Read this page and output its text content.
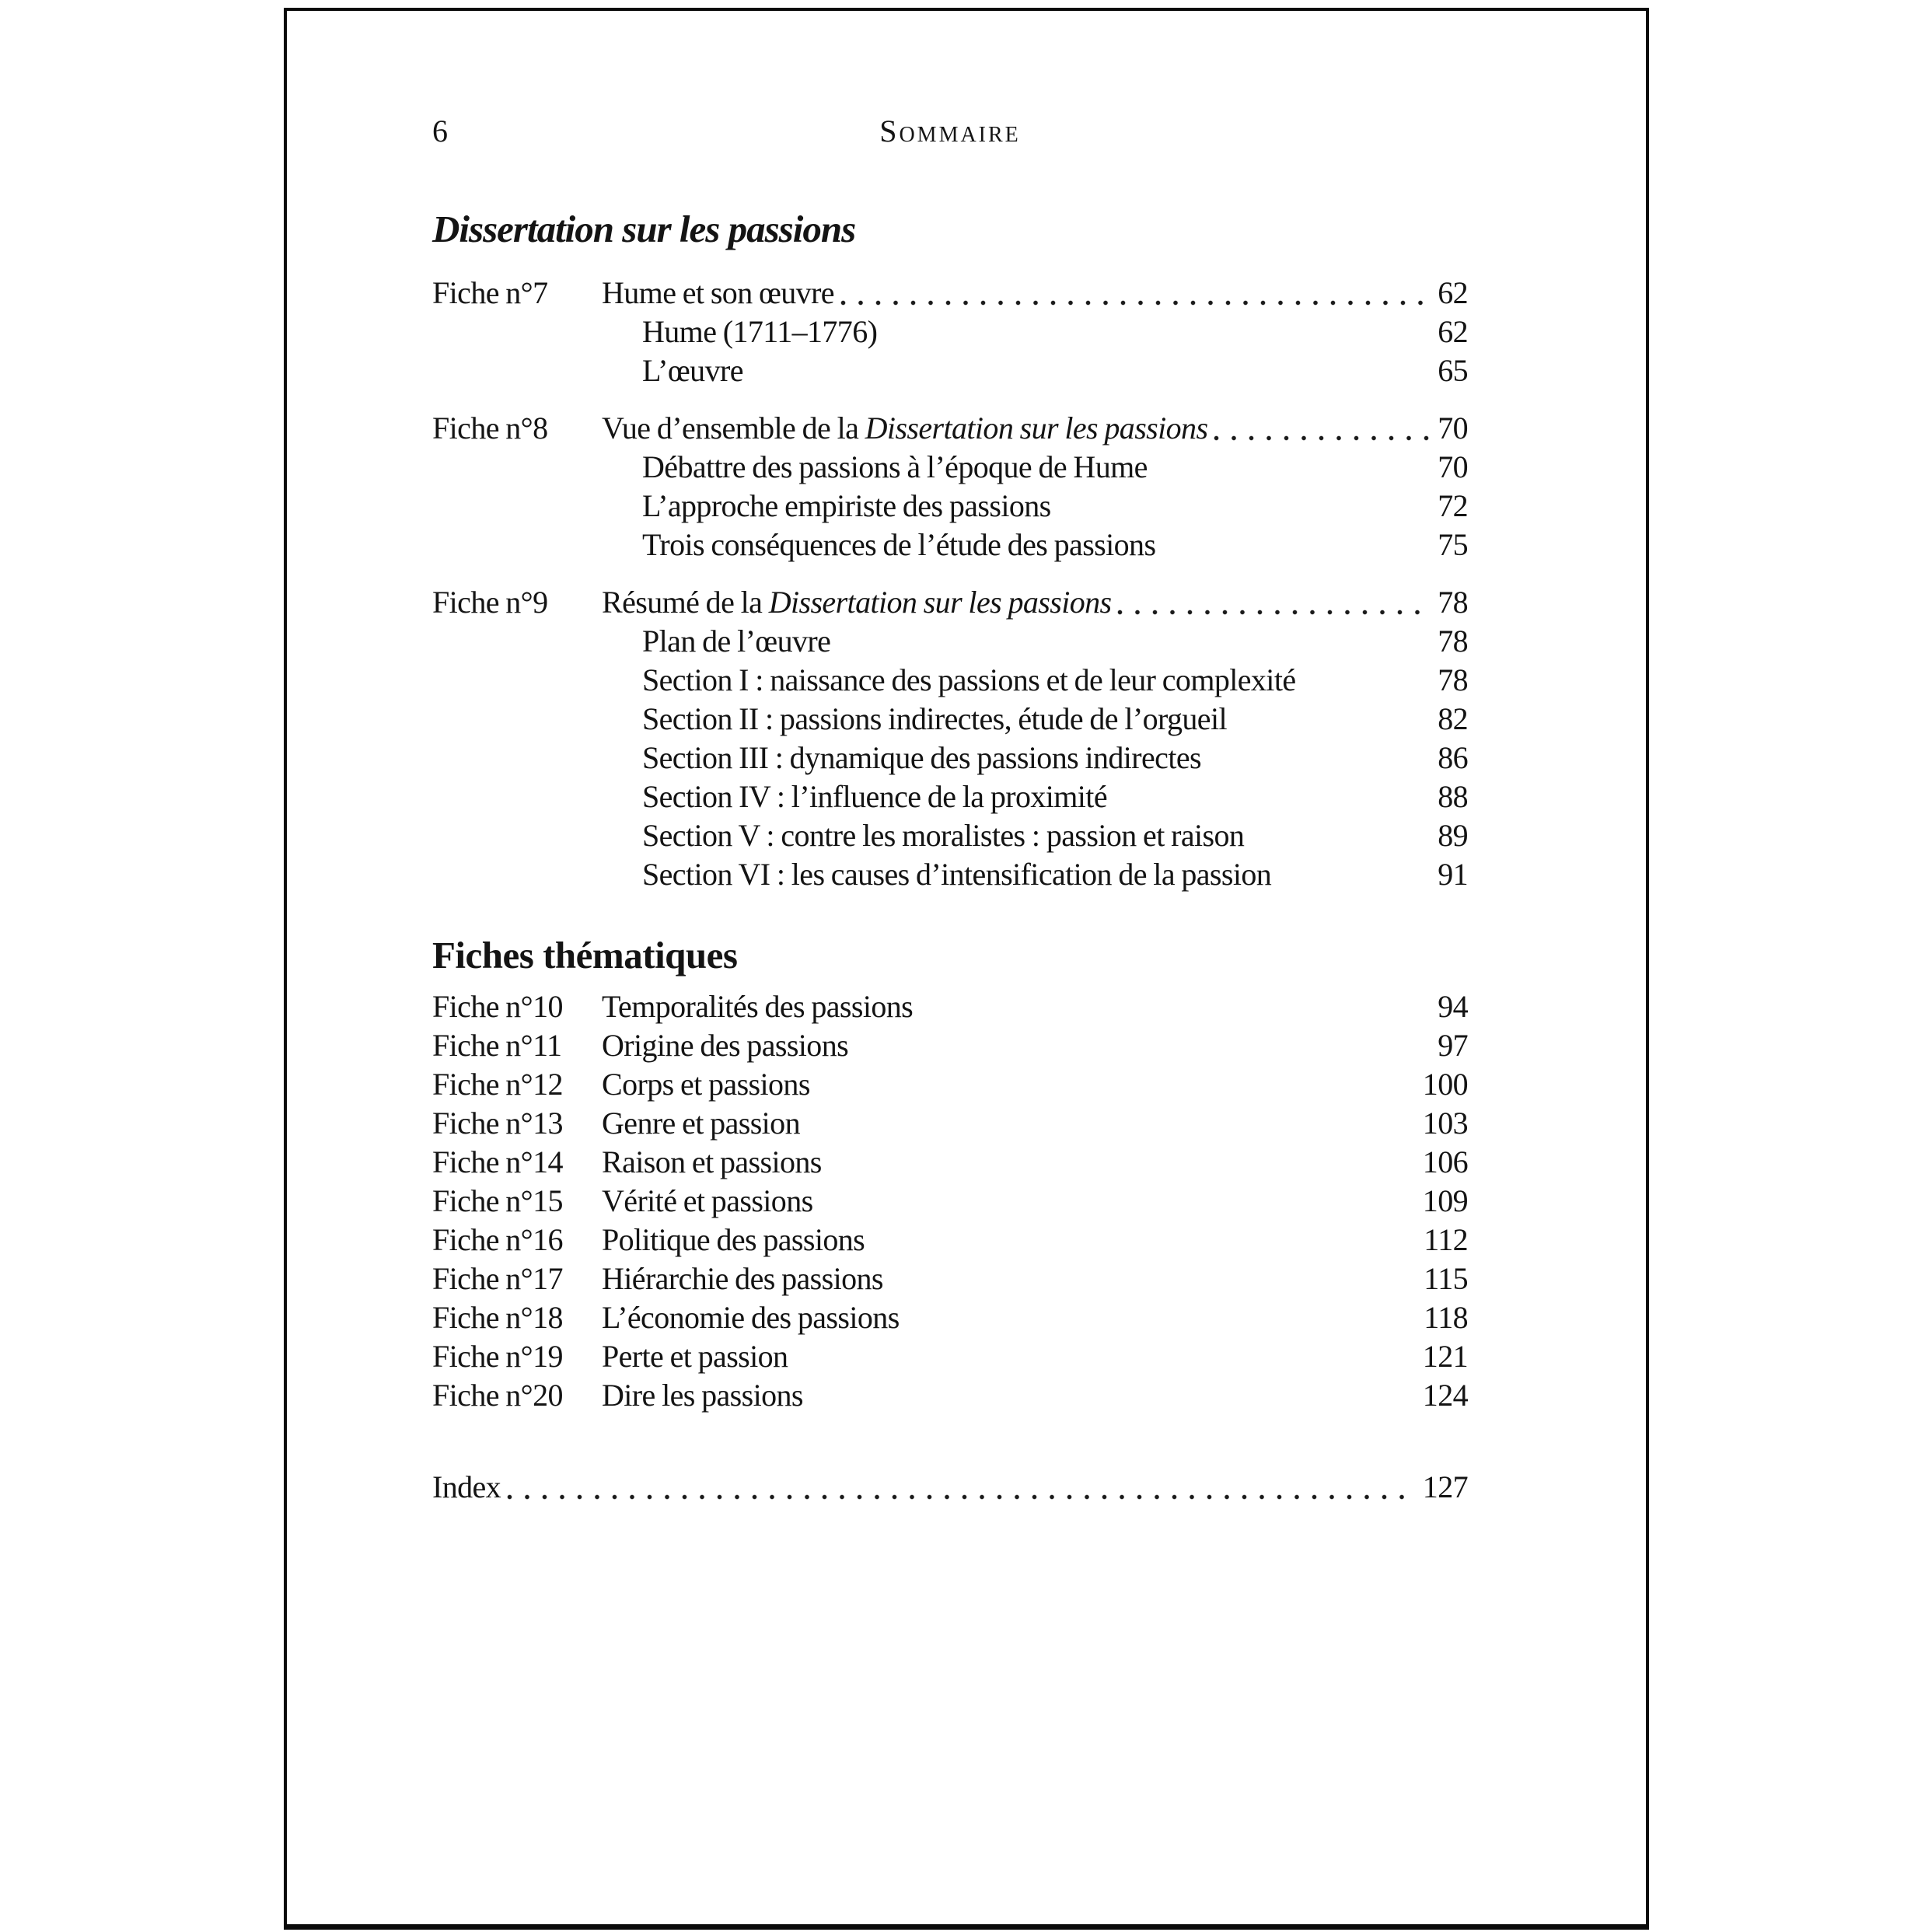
6	Sommaire
Dissertation sur les passions
Fiche n°7	Hume et son œuvre	62
Hume (1711–1776)	62
L’œuvre	65
Fiche n°8	Vue d’ensemble de la Dissertation sur les passions	70
Débattre des passions à l’époque de Hume	70
L’approche empiriste des passions	72
Trois conséquences de l’étude des passions	75
Fiche n°9	Résumé de la Dissertation sur les passions	78
Plan de l’œuvre	78
Section I : naissance des passions et de leur complexité	78
Section II : passions indirectes, étude de l’orgueil	82
Section III : dynamique des passions indirectes	86
Section IV : l’influence de la proximité	88
Section V : contre les moralistes : passion et raison	89
Section VI : les causes d’intensification de la passion	91
Fiches thématiques
Fiche n°10	Temporalités des passions	94
Fiche n°11	Origine des passions	97
Fiche n°12	Corps et passions	100
Fiche n°13	Genre et passion	103
Fiche n°14	Raison et passions	106
Fiche n°15	Vérité et passions	109
Fiche n°16	Politique des passions	112
Fiche n°17	Hiérarchie des passions	115
Fiche n°18	L’économie des passions	118
Fiche n°19	Perte et passion	121
Fiche n°20	Dire les passions	124
Index	127
